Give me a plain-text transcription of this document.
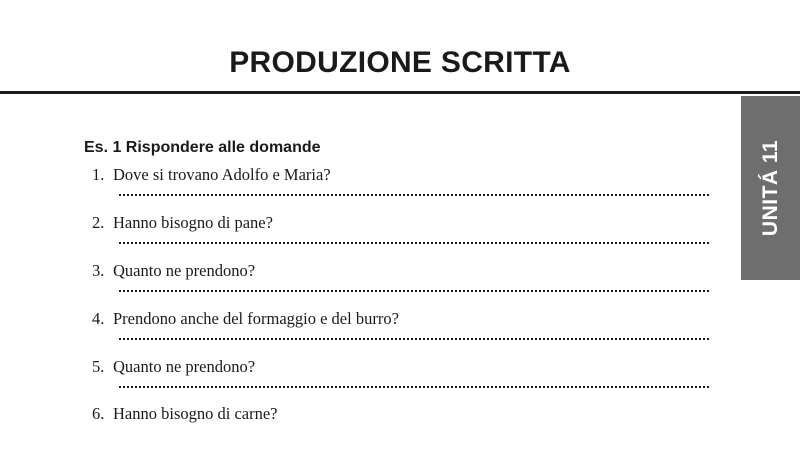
PRODUZIONE SCRITTA
UNITÁ 11
Es. 1 Rispondere alle domande
1. Dove si trovano Adolfo e Maria?
2. Hanno bisogno di pane?
3. Quanto ne prendono?
4. Prendono anche del formaggio e del burro?
5. Quanto ne prendono?
6. Hanno bisogno di carne?
